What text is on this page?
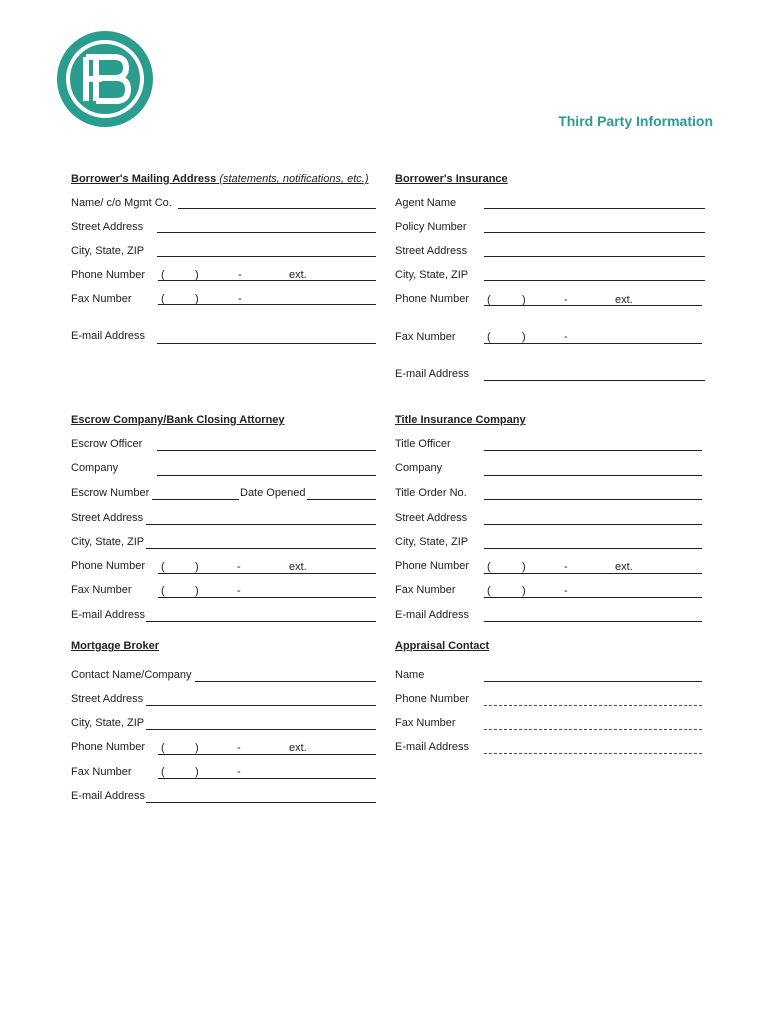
Third Party Information
Borrower's Mailing Address (statements, notifications, etc.)
Name/ c/o Mgmt Co.
Street Address
City, State, ZIP
Phone Number (	)	-	ext.
Fax Number	(	)	-
E-mail Address
Borrower's Insurance
Agent Name
Policy Number
Street Address
City, State, ZIP
Phone Number (	)	-	ext.
Fax Number	(	)	-
E-mail Address
Escrow Company/Bank Closing Attorney
Escrow Officer
Company
Escrow Number	Date Opened
Street Address
City, State, ZIP
Phone Number (	)	-	ext.
Fax Number	(	)	-
E-mail Address
Title Insurance Company
Title Officer
Company
Title Order No.
Street Address
City, State, ZIP
Phone Number (	)	-	ext.
Fax Number	(	)	-
E-mail Address
Mortgage Broker
Contact Name/Company
Street Address
City, State, ZIP
Phone Number (	)	-	ext.
Fax Number	(	)	-
E-mail Address
Appraisal Contact
Name
Phone Number
Fax Number
E-mail Address
